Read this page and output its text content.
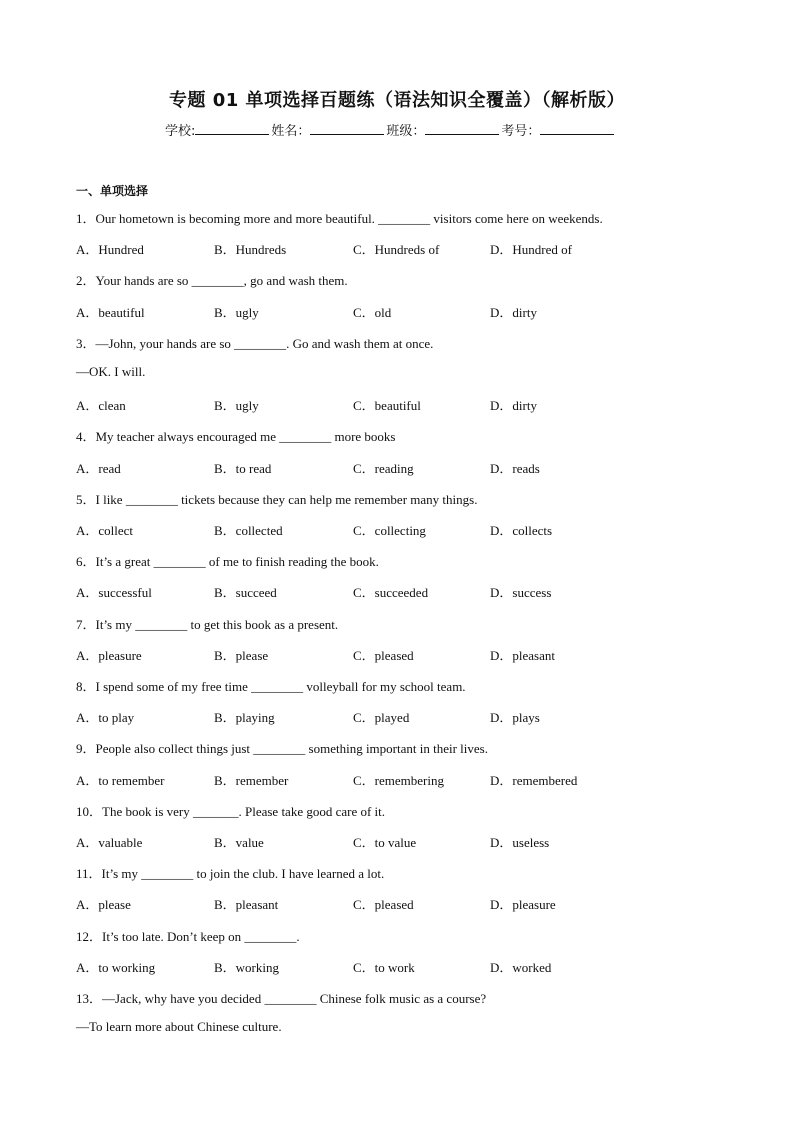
专题 01 单项选择百题练（语法知识全覆盖）（解析版）
学校:	姓名：	班级：	考号：
一、单项选择
1．Our hometown is becoming more and more beautiful. ________ visitors come here on weekends.
A．Hundred	B．Hundreds	C．Hundreds of	D．Hundred of
2．Your hands are so ________, go and wash them.
A．beautiful	B．ugly	C．old	D．dirty
3．—John, your hands are so ________. Go and wash them at once.
—OK. I will.
A．clean	B．ugly	C．beautiful	D．dirty
4．My teacher always encouraged me ________ more books
A．read	B．to read	C．reading	D．reads
5．I like ________ tickets because they can help me remember many things.
A．collect	B．collected	C．collecting	D．collects
6．It’s a great ________ of me to finish reading the book.
A．successful	B．succeed	C．succeeded	D．success
7．It’s my ________ to get this book as a present.
A．pleasure	B．please	C．pleased	D．pleasant
8．I spend some of my free time ________ volleyball for my school team.
A．to play	B．playing	C．played	D．plays
9．People also collect things just ________ something important in their lives.
A．to remember	B．remember	C．remembering	D．remembered
10．The book is very _______. Please take good care of it.
A．valuable	B．value	C．to value	D．useless
11．It’s my ________ to join the club. I have learned a lot.
A．please	B．pleasant	C．pleased	D．pleasure
12．It’s too late. Don’t keep on ________.
A．to working	B．working	C．to work	D．worked
13．—Jack, why have you decided ________ Chinese folk music as a course?
—To learn more about Chinese culture.
